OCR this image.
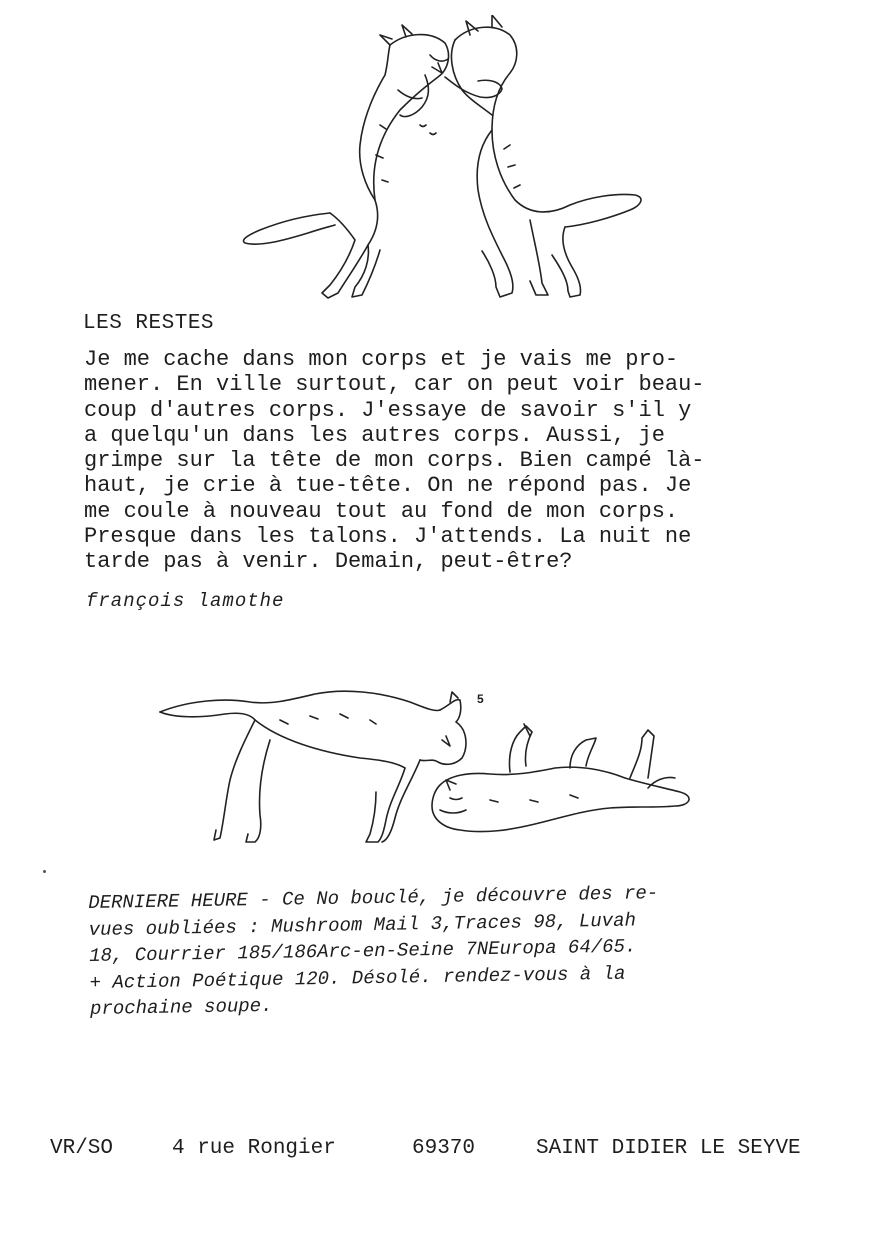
LES RESTES
Je me cache dans mon corps et je vais me pro-
mener. En ville surtout, car on peut voir beau-
coup d'autres corps. J'essaye de savoir s'il y
a quelqu'un dans les autres corps. Aussi, je
grimpe sur la tête de mon corps. Bien campé là-
haut, je crie à tue-tête. On ne répond pas. Je
me coule à nouveau tout au fond de mon corps.
Presque dans les talons. J'attends. La nuit ne
tarde pas à venir. Demain, peut-être?
françois lamothe
5
DERNIERE HEURE - Ce No bouclé, je découvre des re-
vues oubliées : Mushroom Mail 3,Traces 98, Luvah
18, Courrier 185/186Arc-en-Seine 7NEuropa 64/65.
+ Action Poétique 120. Désolé. rendez-vous à la
prochaine soupe.
VR/SO	4 rue Rongier	69370	SAINT DIDIER LE SEYVE
